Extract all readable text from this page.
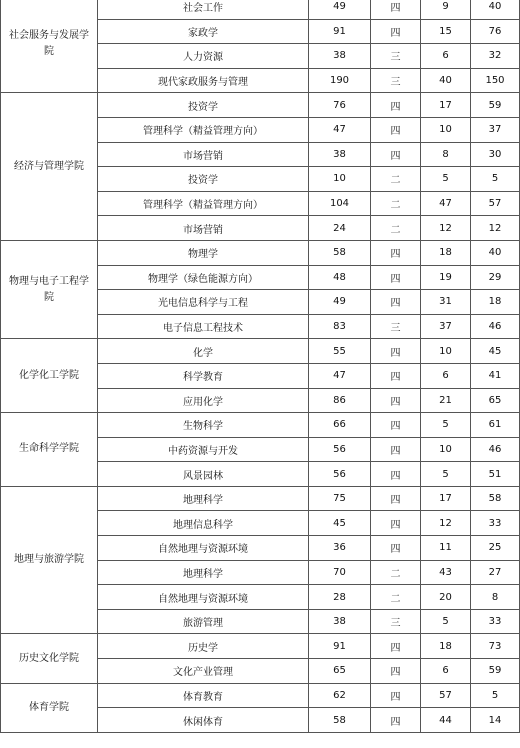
社会服务与发展学院	社会工作	49	四	9	40
	家政学	91	四	15	76
	人力资源	38	三	6	32
	现代家政服务与管理	190	三	40	150
经济与管理学院	投资学	76	四	17	59
	管理科学（精益管理方向）	47	四	10	37
	市场营销	38	四	8	30
	投资学	10	二	5	5
	管理科学（精益管理方向）	104	二	47	57
	市场营销	24	二	12	12
物理与电子工程学院	物理学	58	四	18	40
	物理学（绿色能源方向）	48	四	19	29
	光电信息科学与工程	49	四	31	18
	电子信息工程技术	83	三	37	46
化学化工学院	化学	55	四	10	45
	科学教育	47	四	6	41
	应用化学	86	四	21	65
生命科学学院	生物科学	66	四	5	61
	中药资源与开发	56	四	10	46
	风景园林	56	四	5	51
地理与旅游学院	地理科学	75	四	17	58
	地理信息科学	45	四	12	33
	自然地理与资源环境	36	四	11	25
	地理科学	70	二	43	27
	自然地理与资源环境	28	二	20	8
	旅游管理	38	三	5	33
历史文化学院	历史学	91	四	18	73
	文化产业管理	65	四	6	59
体育学院	体育教育	62	四	57	5
	休闲体育	58	四	44	14
